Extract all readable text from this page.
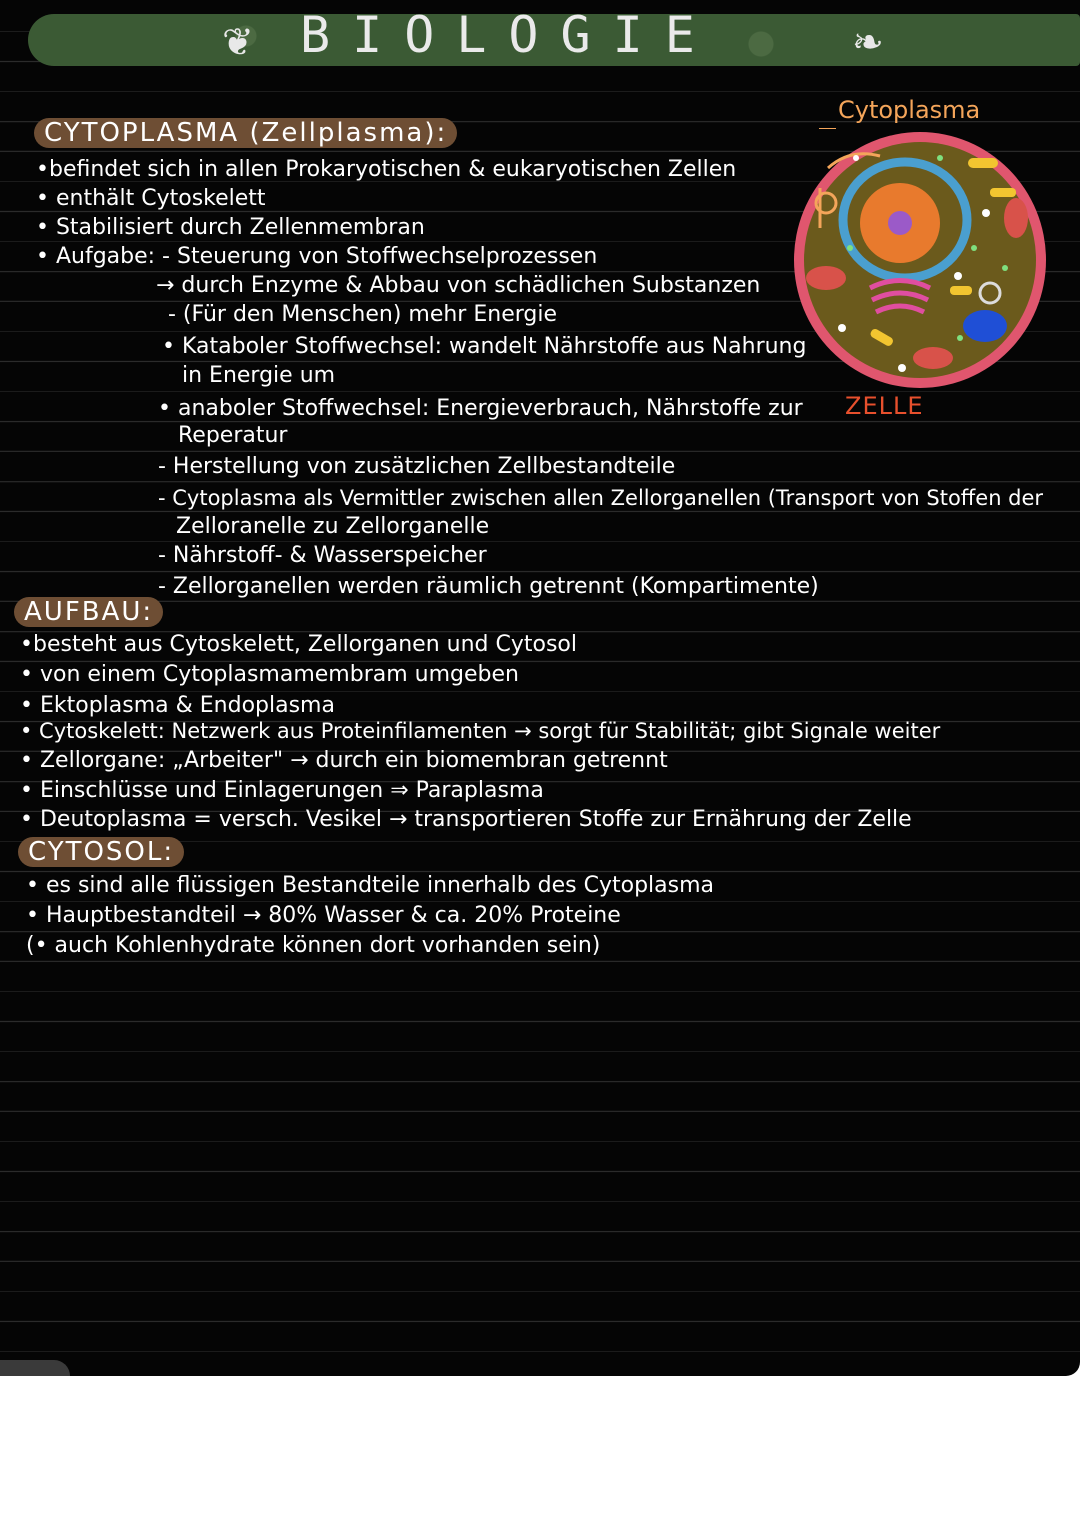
❦ BIOLOGIE	❧
Cytoplasma
ZELLE
CYTOPLASMA (Zellplasma):
•befindet sich in allen Prokaryotischen & eukaryotischen Zellen
• enthält Cytoskelett
• Stabilisiert durch Zellenmembran
• Aufgabe: - Steuerung von Stoffwechselprozessen
→ durch Enzyme & Abbau von schädlichen Substanzen
- (Für den Menschen) mehr Energie
• Kataboler Stoffwechsel: wandelt Nährstoffe aus Nahrung
in Energie um
• anaboler Stoffwechsel: Energieverbrauch, Nährstoffe zur
Reperatur
- Herstellung von zusätzlichen Zellbestandteile
- Cytoplasma als Vermittler zwischen allen Zellorganellen (Transport von Stoffen der
Zelloranelle zu Zellorganelle
- Nährstoff- & Wasserspeicher
- Zellorganellen werden räumlich getrennt (Kompartimente)
AUFBAU:
•besteht aus Cytoskelett, Zellorganen und Cytosol
• von einem Cytoplasmamembram umgeben
• Ektoplasma & Endoplasma
• Cytoskelett: Netzwerk aus Proteinfilamenten → sorgt für Stabilität; gibt Signale weiter
• Zellorgane: „Arbeiter" → durch ein biomembran getrennt
• Einschlüsse und Einlagerungen ⇒ Paraplasma
• Deutoplasma = versch. Vesikel → transportieren Stoffe zur Ernährung der Zelle
CYTOSOL:
• es sind alle flüssigen Bestandteile innerhalb des Cytoplasma
• Hauptbestandteil → 80% Wasser & ca. 20% Proteine
(• auch Kohlenhydrate können dort vorhanden sein)
